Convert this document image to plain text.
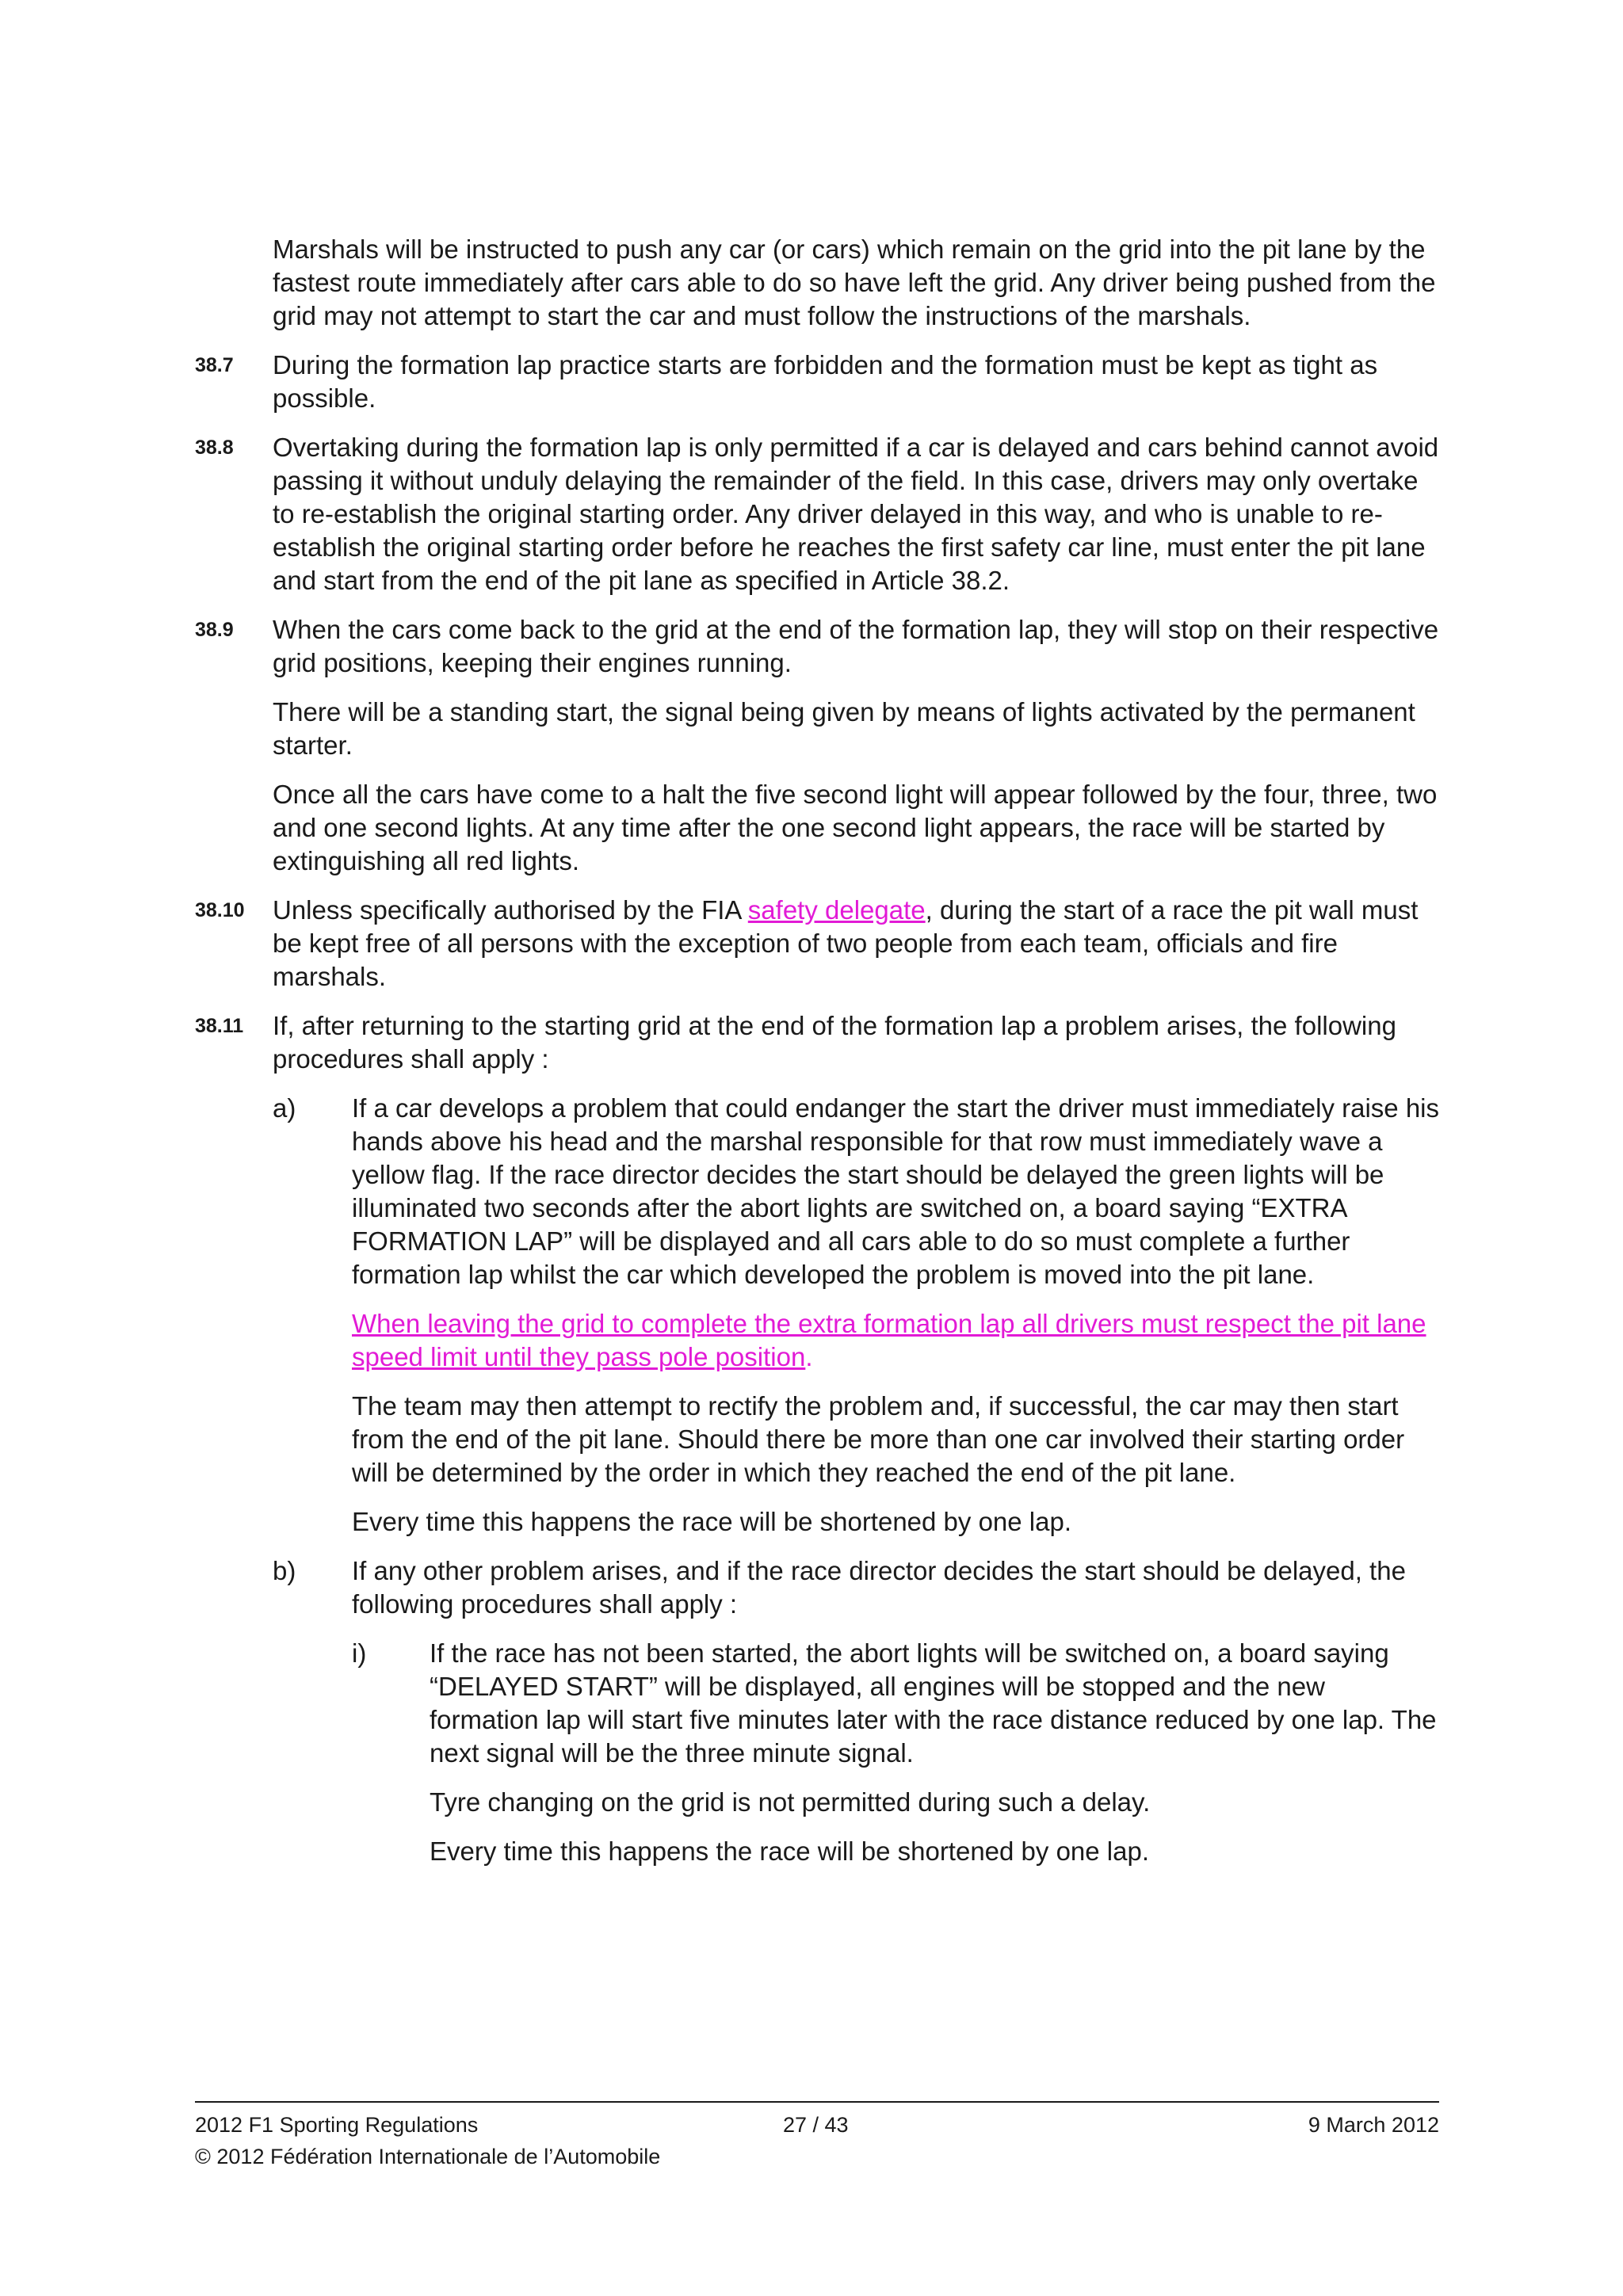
Marshals will be instructed to push any car (or cars) which remain on the grid into the pit lane by the fastest route immediately after cars able to do so have left the grid. Any driver being pushed from the grid may not attempt to start the car and must follow the instructions of the marshals.

38.7 During the formation lap practice starts are forbidden and the formation must be kept as tight as possible.

38.8 Overtaking during the formation lap is only permitted if a car is delayed and cars behind cannot avoid passing it without unduly delaying the remainder of the field. In this case, drivers may only overtake to re-establish the original starting order. Any driver delayed in this way, and who is unable to re-establish the original starting order before he reaches the first safety car line, must enter the pit lane and start from the end of the pit lane as specified in Article 38.2.

38.9 When the cars come back to the grid at the end of the formation lap, they will stop on their respective grid positions, keeping their engines running.

There will be a standing start, the signal being given by means of lights activated by the permanent starter.

Once all the cars have come to a halt the five second light will appear followed by the four, three, two and one second lights. At any time after the one second light appears, the race will be started by extinguishing all red lights.

38.10 Unless specifically authorised by the FIA safety delegate, during the start of a race the pit wall must be kept free of all persons with the exception of two people from each team, officials and fire marshals.

38.11 If, after returning to the starting grid at the end of the formation lap a problem arises, the following procedures shall apply :

a) If a car develops a problem that could endanger the start the driver must immediately raise his hands above his head and the marshal responsible for that row must immediately wave a yellow flag. If the race director decides the start should be delayed the green lights will be illuminated two seconds after the abort lights are switched on, a board saying “EXTRA FORMATION LAP” will be displayed and all cars able to do so must complete a further formation lap whilst the car which developed the problem is moved into the pit lane.

When leaving the grid to complete the extra formation lap all drivers must respect the pit lane speed limit until they pass pole position.

The team may then attempt to rectify the problem and, if successful, the car may then start from the end of the pit lane. Should there be more than one car involved their starting order will be determined by the order in which they reached the end of the pit lane.

Every time this happens the race will be shortened by one lap.

b) If any other problem arises, and if the race director decides the start should be delayed, the following procedures shall apply :

i) If the race has not been started, the abort lights will be switched on, a board saying “DELAYED START” will be displayed, all engines will be stopped and the new formation lap will start five minutes later with the race distance reduced by one lap. The next signal will be the three minute signal.

Tyre changing on the grid is not permitted during such a delay.

Every time this happens the race will be shortened by one lap.

2012 F1 Sporting Regulations	27 / 43	9 March 2012
© 2012 Fédération Internationale de l’Automobile
